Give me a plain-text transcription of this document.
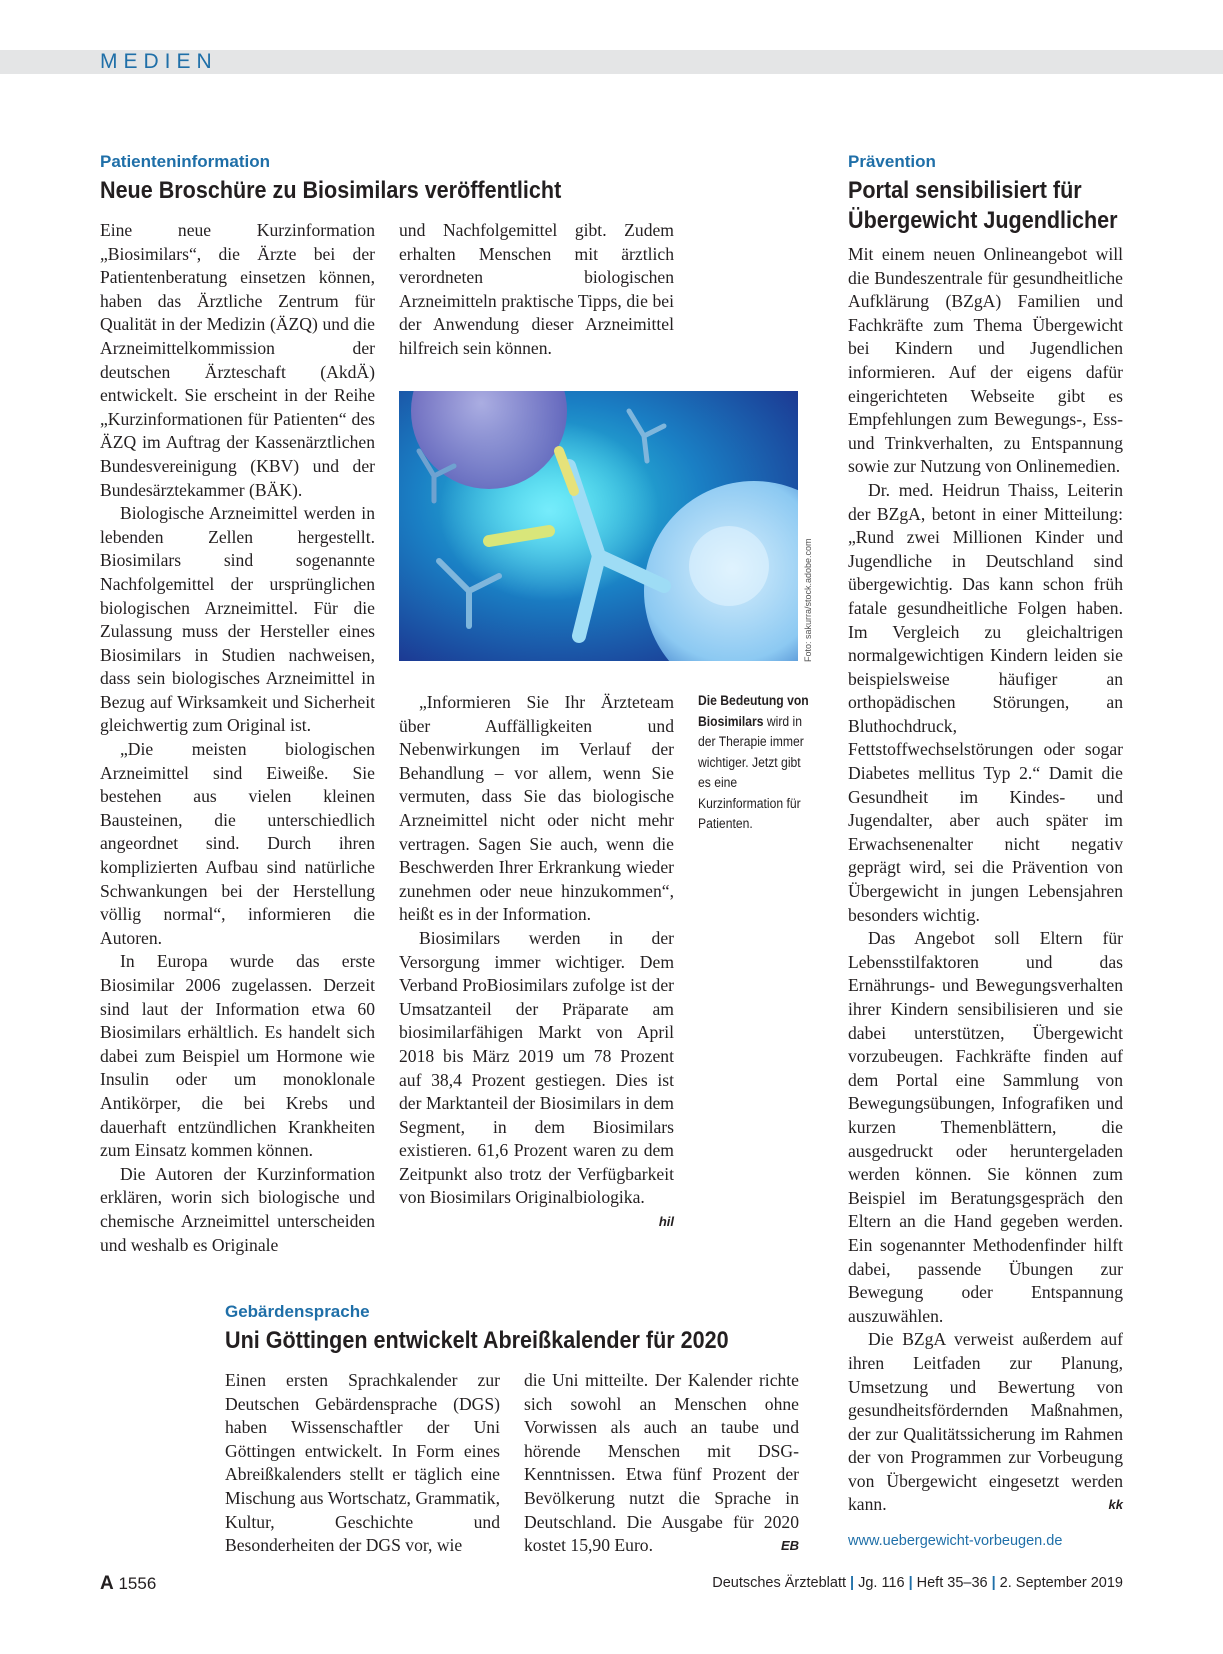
MEDIEN
Patienteninformation
Neue Broschüre zu Biosimilars veröffentlicht

Eine neue Kurzinformation „Biosimilars“, die Ärzte bei der Patientenberatung einsetzen können, haben das Ärztliche Zentrum für Qualität in der Medizin (ÄZQ) und die Arzneimittelkommission der deutschen Ärzteschaft (AkdÄ) entwickelt. Sie erscheint in der Reihe „Kurzinformationen für Patienten“ des ÄZQ im Auftrag der Kassenärztlichen Bundesvereinigung (KBV) und der Bundesärztekammer (BÄK).

Biologische Arzneimittel werden in lebenden Zellen hergestellt. Biosimilars sind sogenannte Nachfolgemittel der ursprünglichen biologischen Arzneimittel. Für die Zulassung muss der Hersteller eines Biosimilars in Studien nachweisen, dass sein biologisches Arzneimittel in Bezug auf Wirksamkeit und Sicherheit gleichwertig zum Original ist.

„Die meisten biologischen Arzneimittel sind Eiweiße. Sie bestehen aus vielen kleinen Bausteinen, die unterschiedlich angeordnet sind. Durch ihren komplizierten Aufbau sind natürliche Schwankungen bei der Herstellung völlig normal“, informieren die Autoren.

In Europa wurde das erste Biosimilar 2006 zugelassen. Derzeit sind laut der Information etwa 60 Biosimilars erhältlich. Es handelt sich dabei zum Beispiel um Hormone wie Insulin oder um monoklonale Antikörper, die bei Krebs und dauerhaft entzündlichen Krankheiten zum Einsatz kommen können.

Die Autoren der Kurzinformation erklären, worin sich biologische und chemische Arzneimittel unterscheiden und weshalb es Originale

und Nachfolgemittel gibt. Zudem erhalten Menschen mit ärztlich verordneten biologischen Arzneimitteln praktische Tipps, die bei der Anwendung dieser Arzneimittel hilfreich sein können.

Foto: sakurra/stock.adobe.com
Die Bedeutung von Biosimilars wird in der Therapie immer wichtiger. Jetzt gibt es eine Kurzinformation für Patienten.

„Informieren Sie Ihr Ärzteteam über Auffälligkeiten und Nebenwirkungen im Verlauf der Behandlung – vor allem, wenn Sie vermuten, dass Sie das biologische Arzneimittel nicht oder nicht mehr vertragen. Sagen Sie auch, wenn die Beschwerden Ihrer Erkrankung wieder zunehmen oder neue hinzukommen“, heißt es in der Information.

Biosimilars werden in der Versorgung immer wichtiger. Dem Verband ProBiosimilars zufolge ist der Umsatzanteil der Präparate am biosimilarfähigen Markt von April 2018 bis März 2019 um 78 Prozent auf 38,4 Prozent gestiegen. Dies ist der Marktanteil der Biosimilars in dem Segment, in dem Biosimilars existieren. 61,6 Prozent waren zu dem Zeitpunkt also trotz der Verfügbarkeit von Biosimilars Originalbiologika.
hil

Prävention
Portal sensibilisiert für Übergewicht Jugendlicher

Mit einem neuen Onlineangebot will die Bundeszentrale für gesundheitliche Aufklärung (BZgA) Familien und Fachkräfte zum Thema Übergewicht bei Kindern und Jugendlichen informieren. Auf der eigens dafür eingerichteten Webseite gibt es Empfehlungen zum Bewegungs-, Ess- und Trinkverhalten, zu Entspannung sowie zur Nutzung von Onlinemedien.

Dr. med. Heidrun Thaiss, Leiterin der BZgA, betont in einer Mitteilung: „Rund zwei Millionen Kinder und Jugendliche in Deutschland sind übergewichtig. Das kann schon früh fatale gesundheitliche Folgen haben. Im Vergleich zu gleichaltrigen normalgewichtigen Kindern leiden sie beispielsweise häufiger an orthopädischen Störungen, an Bluthochdruck, Fettstoffwechselstörungen oder sogar Diabetes mellitus Typ 2.“ Damit die Gesundheit im Kindes- und Jugendalter, aber auch später im Erwachsenenalter nicht negativ geprägt wird, sei die Prävention von Übergewicht in jungen Lebensjahren besonders wichtig.

Das Angebot soll Eltern für Lebensstilfaktoren und das Ernährungs- und Bewegungsverhalten ihrer Kindern sensibilisieren und sie dabei unterstützen, Übergewicht vorzubeugen. Fachkräfte finden auf dem Portal eine Sammlung von Bewegungsübungen, Infografiken und kurzen Themenblättern, die ausgedruckt oder heruntergeladen werden können. Sie können zum Beispiel im Beratungsgespräch den Eltern an die Hand gegeben werden. Ein sogenannter Methodenfinder hilft dabei, passende Übungen zur Bewegung oder Entspannung auszuwählen.

Die BZgA verweist außerdem auf ihren Leitfaden zur Planung, Umsetzung und Bewertung von gesundheitsfördernden Maßnahmen, der zur Qualitätssicherung im Rahmen der von Programmen zur Vorbeugung von Übergewicht eingesetzt werden kann.	kk

www.uebergewicht-vorbeugen.de
Gebärdensprache
Uni Göttingen entwickelt Abreißkalender für 2020

Einen ersten Sprachkalender zur Deutschen Gebärdensprache (DGS) haben Wissenschaftler der Uni Göttingen entwickelt. In Form eines Abreißkalenders stellt er täglich eine Mischung aus Wortschatz, Grammatik, Kultur, Geschichte und Besonderheiten der DGS vor, wie

die Uni mitteilte. Der Kalender richte sich sowohl an Menschen ohne Vorwissen als auch an taube und hörende Menschen mit DSG-Kenntnissen. Etwa fünf Prozent der Bevölkerung nutzt die Sprache in Deutschland. Die Ausgabe für 2020 kostet 15,90 Euro.	EB

A 1556	Deutsches Ärzteblatt | Jg. 116 | Heft 35–36 | 2. September 2019
